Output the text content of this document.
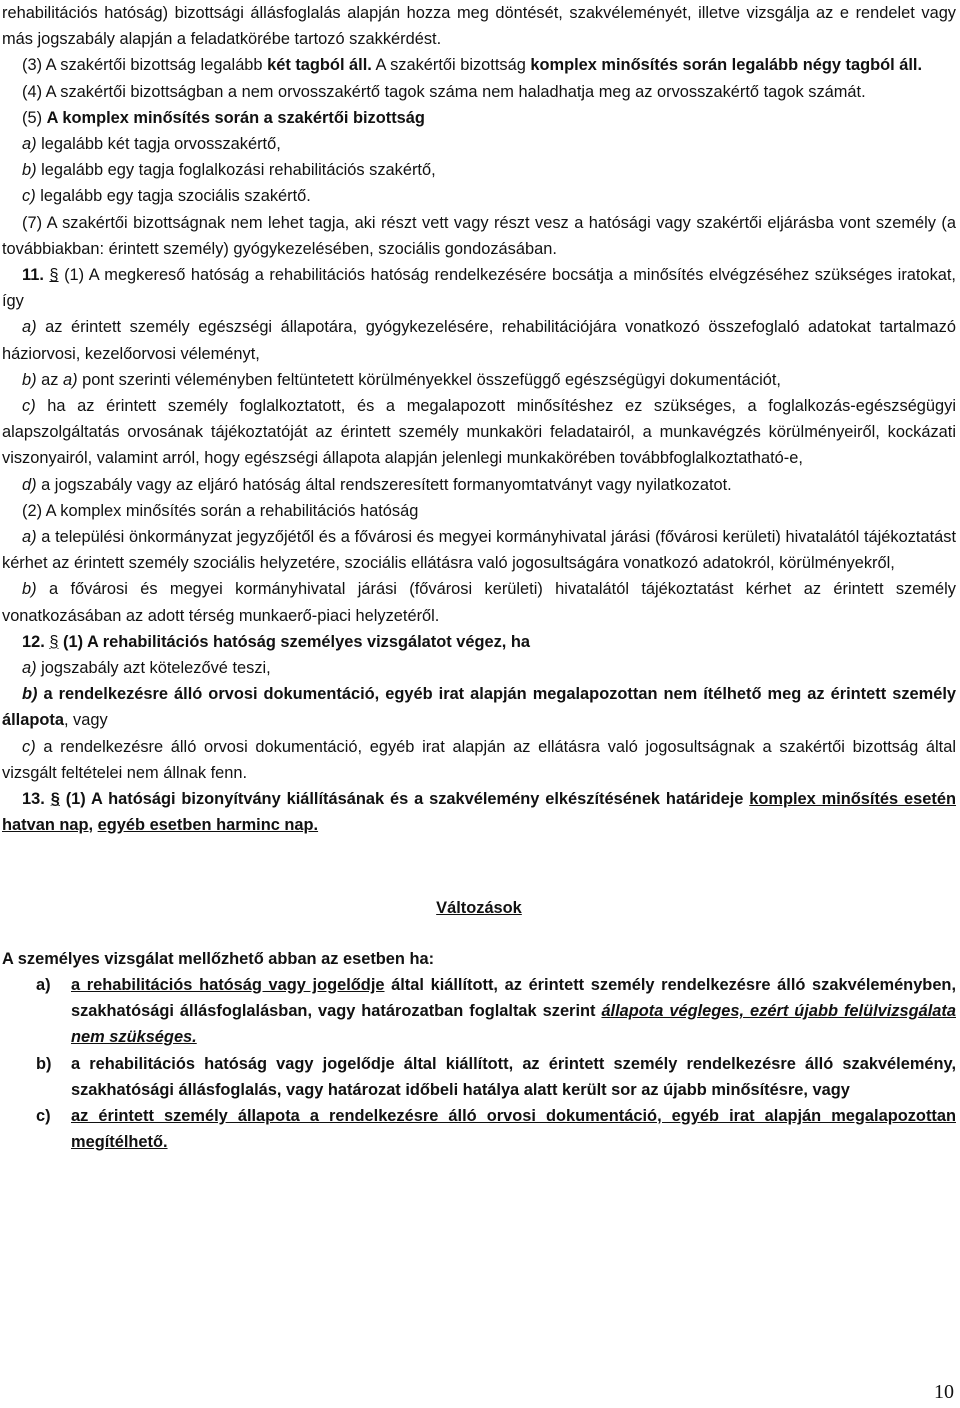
rehabilitációs hatóság) bizottsági állásfoglalás alapján hozza meg döntését, szakvéleményét, illetve vizsgálja az e rendelet vagy más jogszabály alapján a feladatkörébe tartozó szakkérdést.

(3) A szakértői bizottság legalább két tagból áll. A szakértői bizottság komplex minősítés során legalább négy tagból áll.

(4) A szakértői bizottságban a nem orvosszakértő tagok száma nem haladhatja meg az orvosszakértő tagok számát.

(5) A komplex minősítés során a szakértői bizottság

a) legalább két tagja orvosszakértő,

b) legalább egy tagja foglalkozási rehabilitációs szakértő,

c) legalább egy tagja szociális szakértő.

(7) A szakértői bizottságnak nem lehet tagja, aki részt vett vagy részt vesz a hatósági vagy szakértői eljárásba vont személy (a továbbiakban: érintett személy) gyógykezelésében, szociális gondozásában.

11. § (1) A megkereső hatóság a rehabilitációs hatóság rendelkezésére bocsátja a minősítés elvégzéséhez szükséges iratokat, így

a) az érintett személy egészségi állapotára, gyógykezelésére, rehabilitációjára vonatkozó összefoglaló adatokat tartalmazó háziorvosi, kezelőorvosi véleményt,

b) az a) pont szerinti véleményben feltüntetett körülményekkel összefüggő egészségügyi dokumentációt,

c) ha az érintett személy foglalkoztatott, és a megalapozott minősítéshez ez szükséges, a foglalkozás-egészségügyi alapszolgáltatás orvosának tájékoztatóját az érintett személy munkaköri feladatairól, a munkavégzés körülményeiről, kockázati viszonyairól, valamint arról, hogy egészségi állapota alapján jelenlegi munkakörében továbbfoglalkoztatható-e,

d) a jogszabály vagy az eljáró hatóság által rendszeresített formanyomtatványt vagy nyilatkozatot.

(2) A komplex minősítés során a rehabilitációs hatóság

a) a települési önkormányzat jegyzőjétől és a fővárosi és megyei kormányhivatal járási (fővárosi kerületi) hivatalától tájékoztatást kérhet az érintett személy szociális helyzetére, szociális ellátásra való jogosultságára vonatkozó adatokról, körülményekről,

b) a fővárosi és megyei kormányhivatal járási (fővárosi kerületi) hivatalától tájékoztatást kérhet az érintett személy vonatkozásában az adott térség munkaerő-piaci helyzetéről.

12. § (1) A rehabilitációs hatóság személyes vizsgálatot végez, ha

a) jogszabály azt kötelezővé teszi,

b) a rendelkezésre álló orvosi dokumentáció, egyéb irat alapján megalapozottan nem ítélhető meg az érintett személy állapota, vagy

c) a rendelkezésre álló orvosi dokumentáció, egyéb irat alapján az ellátásra való jogosultságnak a szakértői bizottság által vizsgált feltételei nem állnak fenn.

13. § (1) A hatósági bizonyítvány kiállításának és a szakvélemény elkészítésének határideje komplex minősítés esetén hatvan nap, egyéb esetben harminc nap.

Változások

A személyes vizsgálat mellőzhető abban az esetben ha:

a) a rehabilitációs hatóság vagy jogelődje által kiállított, az érintett személy rendelkezésre álló szakvéleményben, szakhatósági állásfoglalásban, vagy határozatban foglaltak szerint állapota végleges, ezért újabb felülvizsgálata nem szükséges.

b) a rehabilitációs hatóság vagy jogelődje által kiállított, az érintett személy rendelkezésre álló szakvélemény, szakhatósági állásfoglalás, vagy határozat időbeli hatálya alatt került sor az újabb minősítésre, vagy

c) az érintett személy állapota a rendelkezésre álló orvosi dokumentáció, egyéb irat alapján megalapozottan megítélhető.

10
